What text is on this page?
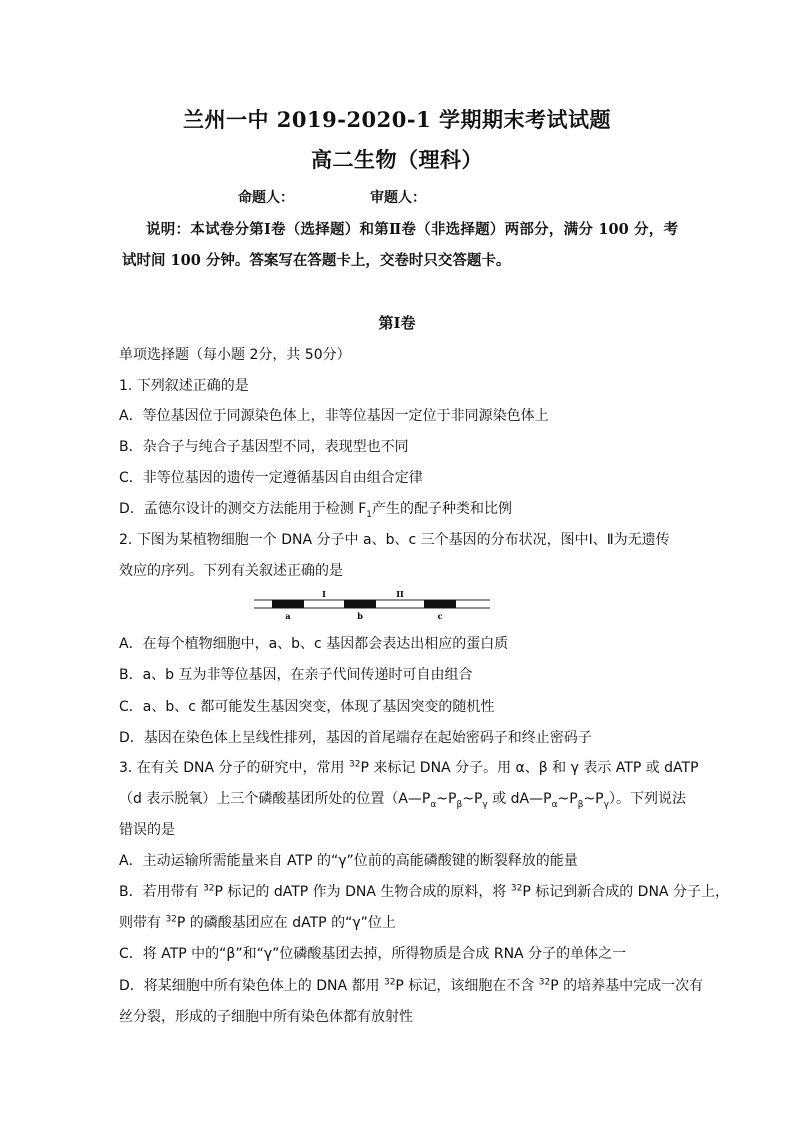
兰州一中 2019-2020-1 学期期末考试试题
高二生物（理科）
命题人：	审题人：
说明：本试卷分第Ⅰ卷（选择题）和第Ⅱ卷（非选择题）两部分，满分 100 分，考试时间 100 分钟。答案写在答题卡上，交卷时只交答题卡。
第Ⅰ卷
单项选择题（每小题 2分，共 50分）
1. 下列叙述正确的是
A．等位基因位于同源染色体上，非等位基因一定位于非同源染色体上
B．杂合子与纯合子基因型不同，表现型也不同
C．非等位基因的遗传一定遵循基因自由组合定律
D．孟德尔设计的测交方法能用于检测 $F_1$产生的配子种类和比例
2. 下图为某植物细胞一个 DNA 分子中 a、b、c 三个基因的分布状况，图中Ⅰ、Ⅱ为无遗传
效应的序列。下列有关叙述正确的是
I	II
a	b	c
A．在每个植物细胞中，a、b、c 基因都会表达出相应的蛋白质
B．a、b 互为非等位基因，在亲子代间传递时可自由组合
C．a、b、c 都可能发生基因突变，体现了基因突变的随机性
D．基因在染色体上呈线性排列，基因的首尾端存在起始密码子和终止密码子
3. 在有关 DNA 分子的研究中，常用 $^{32}$P 来标记 DNA 分子。用 α、β 和 γ 表示 ATP 或 dATP
（d 表示脱氧）上三个磷酸基团所处的位置（$A—P_\alpha\sim P_\beta\sim P_\gamma$ 或 $dA—P_\alpha\sim P_\beta\sim P_\gamma$）。下列说法
错误的是
A．主动运输所需能量来自 ATP 的“γ”位前的高能磷酸键的断裂释放的能量
B．若用带有 $^{32}$P 标记的 dATP 作为 DNA 生物合成的原料，将 $^{32}$P 标记到新合成的 DNA 分子上，
则带有 $^{32}$P 的磷酸基团应在 dATP 的“γ”位上
C．将 ATP 中的“β”和“γ”位磷酸基团去掉，所得物质是合成 RNA 分子的单体之一
D．将某细胞中所有染色体上的 DNA 都用 $^{32}$P 标记，该细胞在不含 $^{32}$P 的培养基中完成一次有
丝分裂，形成的子细胞中所有染色体都有放射性
